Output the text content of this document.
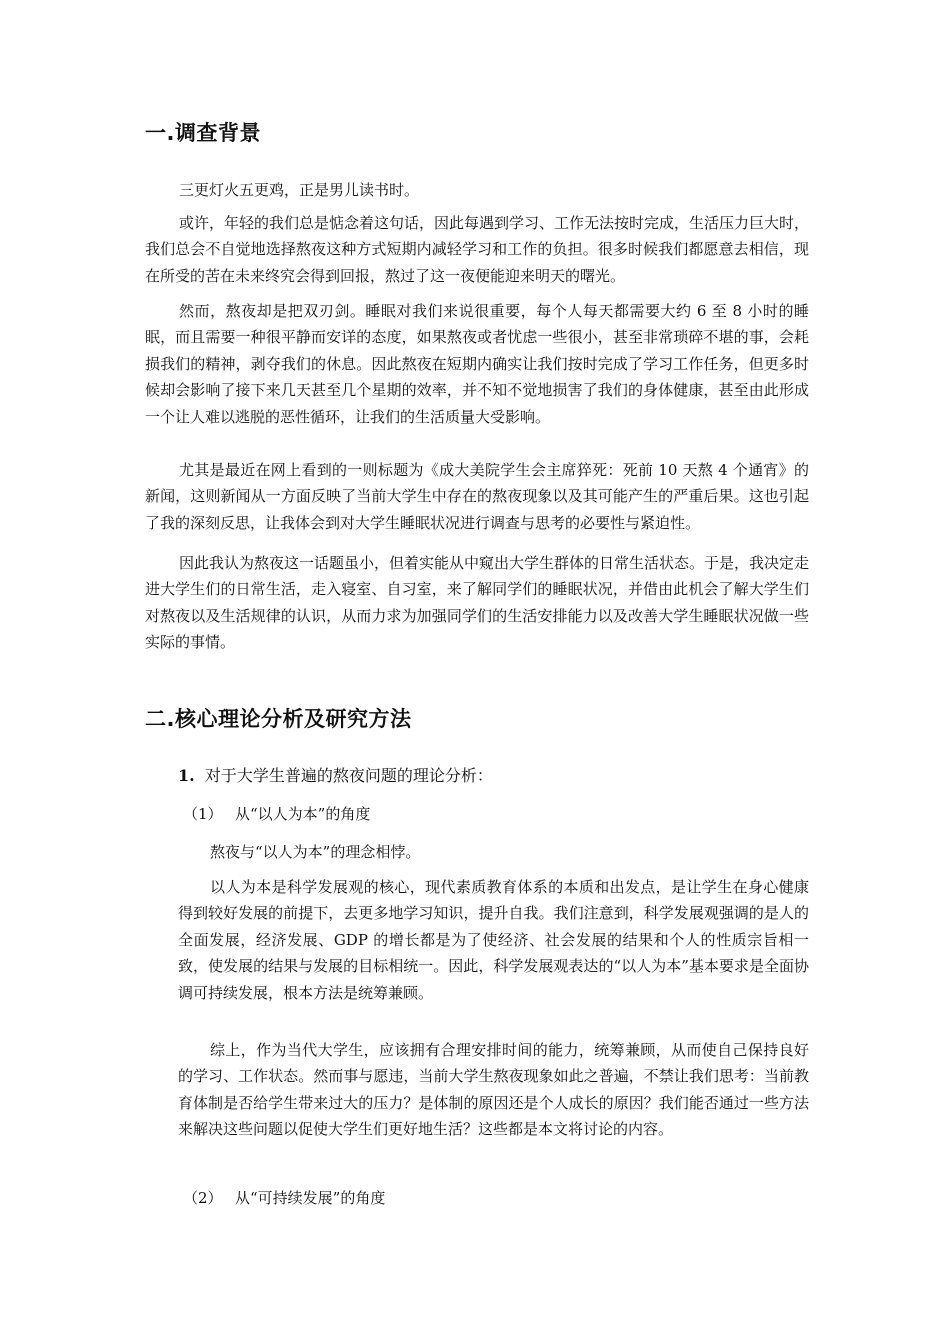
一.调查背景

三更灯火五更鸡，正是男儿读书时。

或许，年轻的我们总是惦念着这句话，因此每遇到学习、工作无法按时完成，生活压力巨大时，我们总会不自觉地选择熬夜这种方式短期内减轻学习和工作的负担。很多时候我们都愿意去相信，现在所受的苦在未来终究会得到回报，熬过了这一夜便能迎来明天的曙光。

然而，熬夜却是把双刃剑。睡眠对我们来说很重要，每个人每天都需要大约 6 至 8 小时的睡眠，而且需要一种很平静而安详的态度，如果熬夜或者忧虑一些很小，甚至非常琐碎不堪的事，会耗损我们的精神，剥夺我们的休息。因此熬夜在短期内确实让我们按时完成了学习工作任务，但更多时候却会影响了接下来几天甚至几个星期的效率，并不知不觉地损害了我们的身体健康，甚至由此形成一个让人难以逃脱的恶性循环，让我们的生活质量大受影响。

尤其是最近在网上看到的一则标题为《成大美院学生会主席猝死：死前 10 天熬 4 个通宵》的新闻，这则新闻从一方面反映了当前大学生中存在的熬夜现象以及其可能产生的严重后果。这也引起了我的深刻反思，让我体会到对大学生睡眠状况进行调查与思考的必要性与紧迫性。

因此我认为熬夜这一话题虽小，但着实能从中窥出大学生群体的日常生活状态。于是，我决定走进大学生们的日常生活，走入寝室、自习室，来了解同学们的睡眠状况，并借由此机会了解大学生们对熬夜以及生活规律的认识，从而力求为加强同学们的生活安排能力以及改善大学生睡眠状况做一些实际的事情。

二.核心理论分析及研究方法

1. 对于大学生普遍的熬夜问题的理论分析：

（1） 从“以人为本”的角度

熬夜与“以人为本”的理念相悖。

以人为本是科学发展观的核心，现代素质教育体系的本质和出发点，是让学生在身心健康得到较好发展的前提下，去更多地学习知识，提升自我。我们注意到，科学发展观强调的是人的全面发展，经济发展、GDP 的增长都是为了使经济、社会发展的结果和个人的性质宗旨相一致，使发展的结果与发展的目标相统一。因此，科学发展观表达的“以人为本”基本要求是全面协调可持续发展，根本方法是统筹兼顾。

综上，作为当代大学生，应该拥有合理安排时间的能力，统筹兼顾，从而使自己保持良好的学习、工作状态。然而事与愿违，当前大学生熬夜现象如此之普遍，不禁让我们思考：当前教育体制是否给学生带来过大的压力？是体制的原因还是个人成长的原因？我们能否通过一些方法来解决这些问题以促使大学生们更好地生活？这些都是本文将讨论的内容。

（2） 从“可持续发展”的角度
